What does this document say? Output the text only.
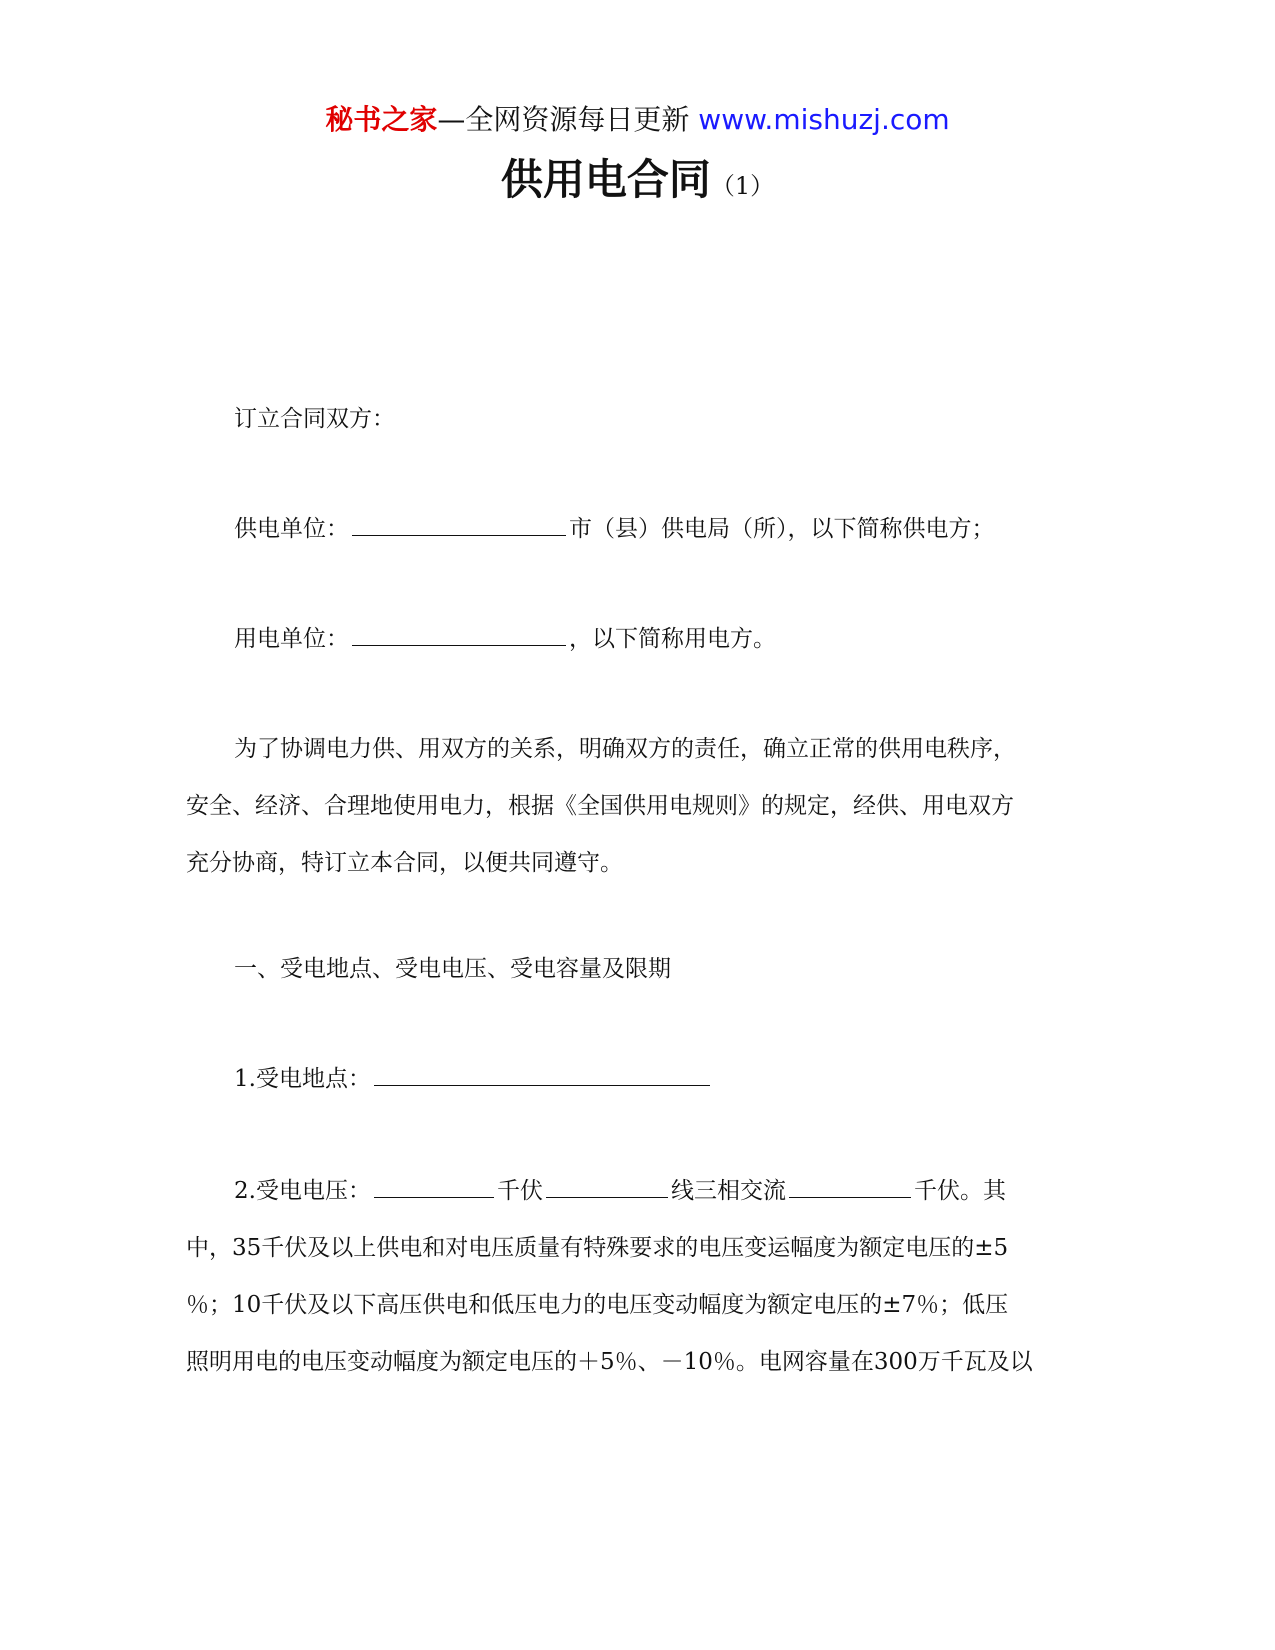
秘书之家—全网资源每日更新 www.mishuzj.com
供用电合同（1）
订立合同双方：
供电单位：	市（县）供电局（所），以下简称供电方；
用电单位：	，以下简称用电方。
为了协调电力供、用双方的关系，明确双方的责任，确立正常的供用电秩序，
安全、经济、合理地使用电力，根据《全国供用电规则》的规定，经供、用电双方
充分协商，特订立本合同，以便共同遵守。
一、受电地点、受电电压、受电容量及限期
1.受电地点：
2.受电电压：	千伏	线三相交流	千伏。其
中，35千伏及以上供电和对电压质量有特殊要求的电压变运幅度为额定电压的±5
％；10千伏及以下高压供电和低压电力的电压变动幅度为额定电压的±7％；低压
照明用电的电压变动幅度为额定电压的＋5％、－10％。电网容量在300万千瓦及以
